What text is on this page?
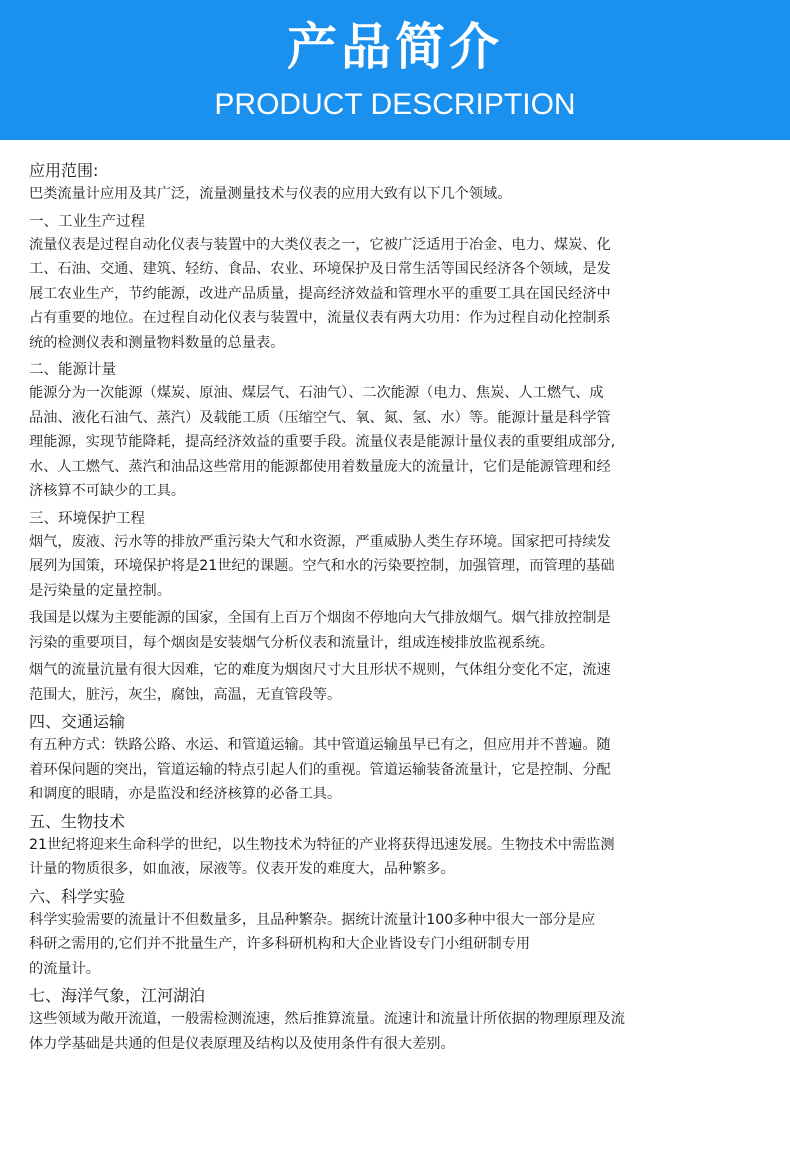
产品简介
PRODUCT DESCRIPTION
应用范围:
巴类流量计应用及其广泛，流量测量技术与仪表的应用大致有以下几个领域。
一、工业生产过程
流量仪表是过程自动化仪表与装置中的大类仪表之一，它被广泛适用于冶金、电力、煤炭、化
工、石油、交通、建筑、轻纺、食品、农业、环境保护及日常生活等国民经济各个领域，是发
展工农业生产，节约能源，改进产品质量，提高经济效益和管理水平的重要工具在国民经济中
占有重要的地位。在过程自动化仪表与装置中，流量仪表有两大功用：作为过程自动化控制系
统的检测仪表和测量物料数量的总量表。
二、能源计量
能源分为一次能源（煤炭、原油、煤层气、石油气）、二次能源（电力、焦炭、人工燃气、成
品油、液化石油气、蒸汽）及载能工质（压缩空气、氧、氮、氢、水）等。能源计量是科学管
理能源，实现节能降耗，提高经济效益的重要手段。流量仪表是能源计量仪表的重要组成部分,
水、人工燃气、蒸汽和油品这些常用的能源都使用着数量庞大的流量计，它们是能源管理和经
济核算不可缺少的工具。
三、环境保护工程
烟气，废液、污水等的排放严重污染大气和水资源，严重威胁人类生存环境。国家把可持续发
展列为国策，环境保护将是21世纪的课题。空气和水的污染要控制，加强管理，而管理的基础
是污染量的定量控制。
我国是以煤为主要能源的国家，全国有上百万个烟囱不停地向大气排放烟气。烟气排放控制是
污染的重要项目，每个烟囱是安装烟气分析仪表和流量计，组成连棱排放监视系统。
烟气的流量沆量有很大因难，它的难度为烟囱尺寸大且形状不规则，气体组分变化不定，流速
范围大，脏污，灰尘，腐蚀，高温，无直管段等。
四、交通运输
有五种方式：铁路公路、水运、和管道运输。其中管道运输虽早已有之，但应用并不普遍。随
着环保问题的突出，管道运输的特点引起人们的重视。管道运输装备流量计，它是控制、分配
和调度的眼睛，亦是监没和经济核算的必备工具。
五、生物技术
21世纪将迎来生命科学的世纪，以生物技术为特征的产业将获得迅速发展。生物技术中需监测
计量的物质很多，如血液，尿液等。仪表开发的难度大，品种繁多。
六、科学实验
科学实验需要的流量计不但数量多，且品种繁杂。据统计流量计100多种中很大一部分是应
科研之需用的,它们并不批量生产，许多科研机构和大企业皆设专门小组研制专用
的流量计。
七、海洋气象，江河湖泊
这些领域为敞开流道，一般需检测流速，然后推算流量。流速计和流量计所依据的物理原理及流
体力学基础是共通的但是仪表原理及结构以及使用条件有很大差别。
